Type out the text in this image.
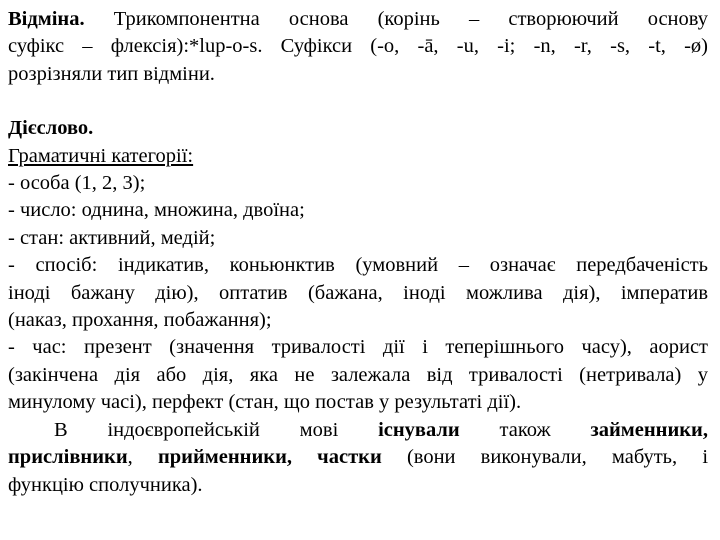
Відміна. Трикомпонентна основа (корінь – створюючий основу
суфікс – флексія):*lup-o-s. Суфікси (-o, -ā, -u, -i; -n, -r, -s, -t, -ø)
розрізняли тип відміни.
Дієслово.
Граматичні категорії:
- особа (1, 2, 3);
- число: однина, множина, двоїна;
- стан: активний, медій;
- спосіб: індикатив, коньюнктив (умовний – означає передбаченість
іноді бажану дію), оптатив (бажана, іноді можлива дія), імператив
(наказ, прохання, побажання);
- час: презент (значення тривалості дії і теперішнього часу), аорист
(закінчена дія або дія, яка не залежала від тривалості (нетривала) у
минулому часі), перфект (стан, що постав у результаті дії).
В індоєвропейській мові існували також займенники,
прислівники, прийменники, частки (вони виконували, мабуть, і
функцію сполучника).
